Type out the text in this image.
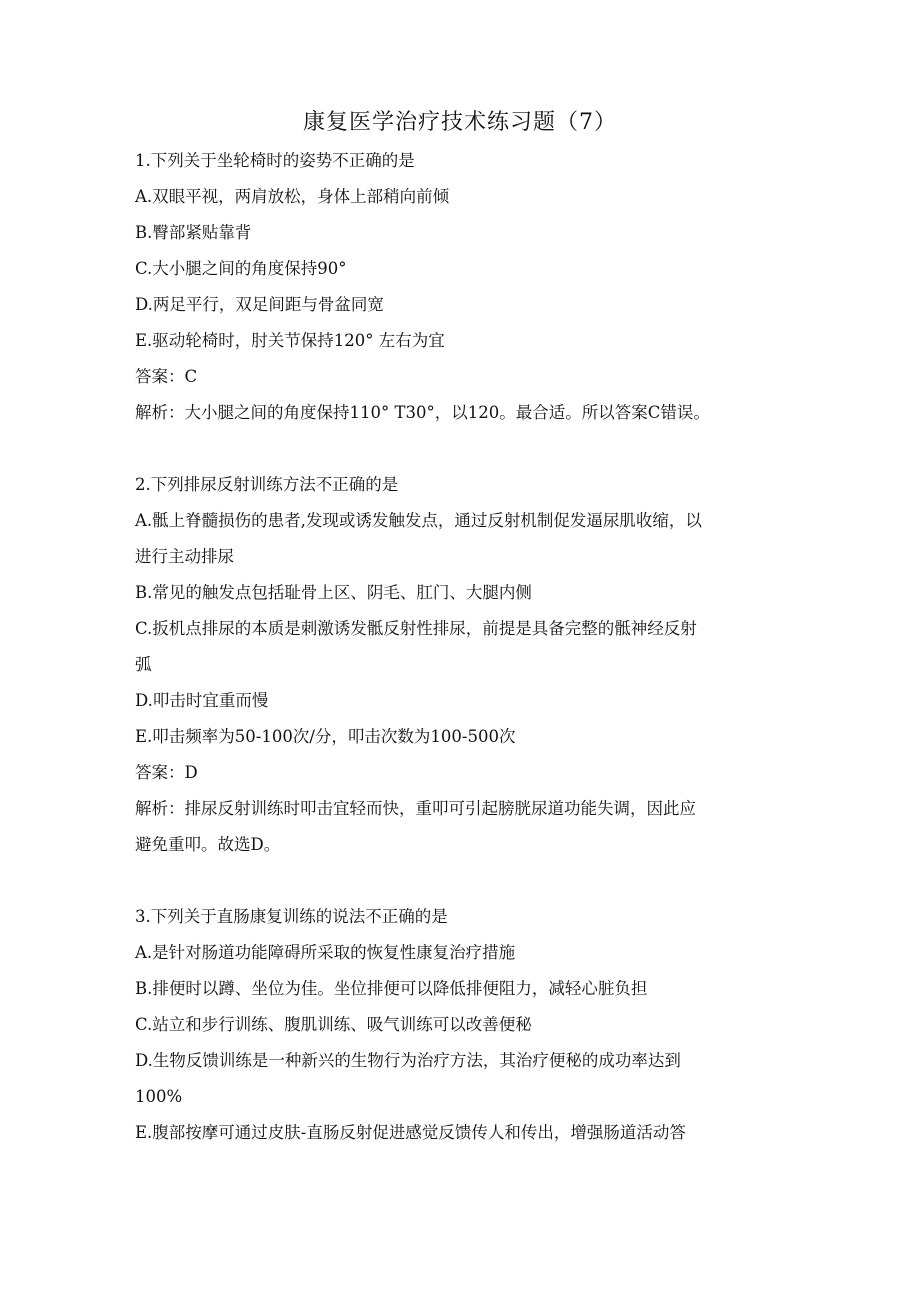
康复医学治疗技术练习题（7）
1.下列关于坐轮椅时的姿势不正确的是
A.双眼平视，两肩放松，身体上部稍向前倾
B.臀部紧贴靠背
C.大小腿之间的角度保持90°
D.两足平行，双足间距与骨盆同宽
E.驱动轮椅时，肘关节保持120° 左右为宜
答案：C
解析：大小腿之间的角度保持110° T30°，以120。最合适。所以答案C错误。
2.下列排尿反射训练方法不正确的是
A.骶上脊髓损伤的患者,发现或诱发触发点，通过反射机制促发逼尿肌收缩，以
进行主动排尿
B.常见的触发点包括耻骨上区、阴毛、肛门、大腿内侧
C.扳机点排尿的本质是刺激诱发骶反射性排尿，前提是具备完整的骶神经反射
弧
D.叩击时宜重而慢
E.叩击频率为50-100次/分，叩击次数为100-500次
答案：D
解析：排尿反射训练时叩击宜轻而快，重叩可引起膀胱尿道功能失调，因此应
避免重叩。故选D。
3.下列关于直肠康复训练的说法不正确的是
A.是针对肠道功能障碍所采取的恢复性康复治疗措施
B.排便时以蹲、坐位为佳。坐位排便可以降低排便阻力，减轻心脏负担
C.站立和步行训练、腹肌训练、吸气训练可以改善便秘
D.生物反馈训练是一种新兴的生物行为治疗方法，其治疗便秘的成功率达到
100%
E.腹部按摩可通过皮肤-直肠反射促进感觉反馈传人和传出，增强肠道活动答
